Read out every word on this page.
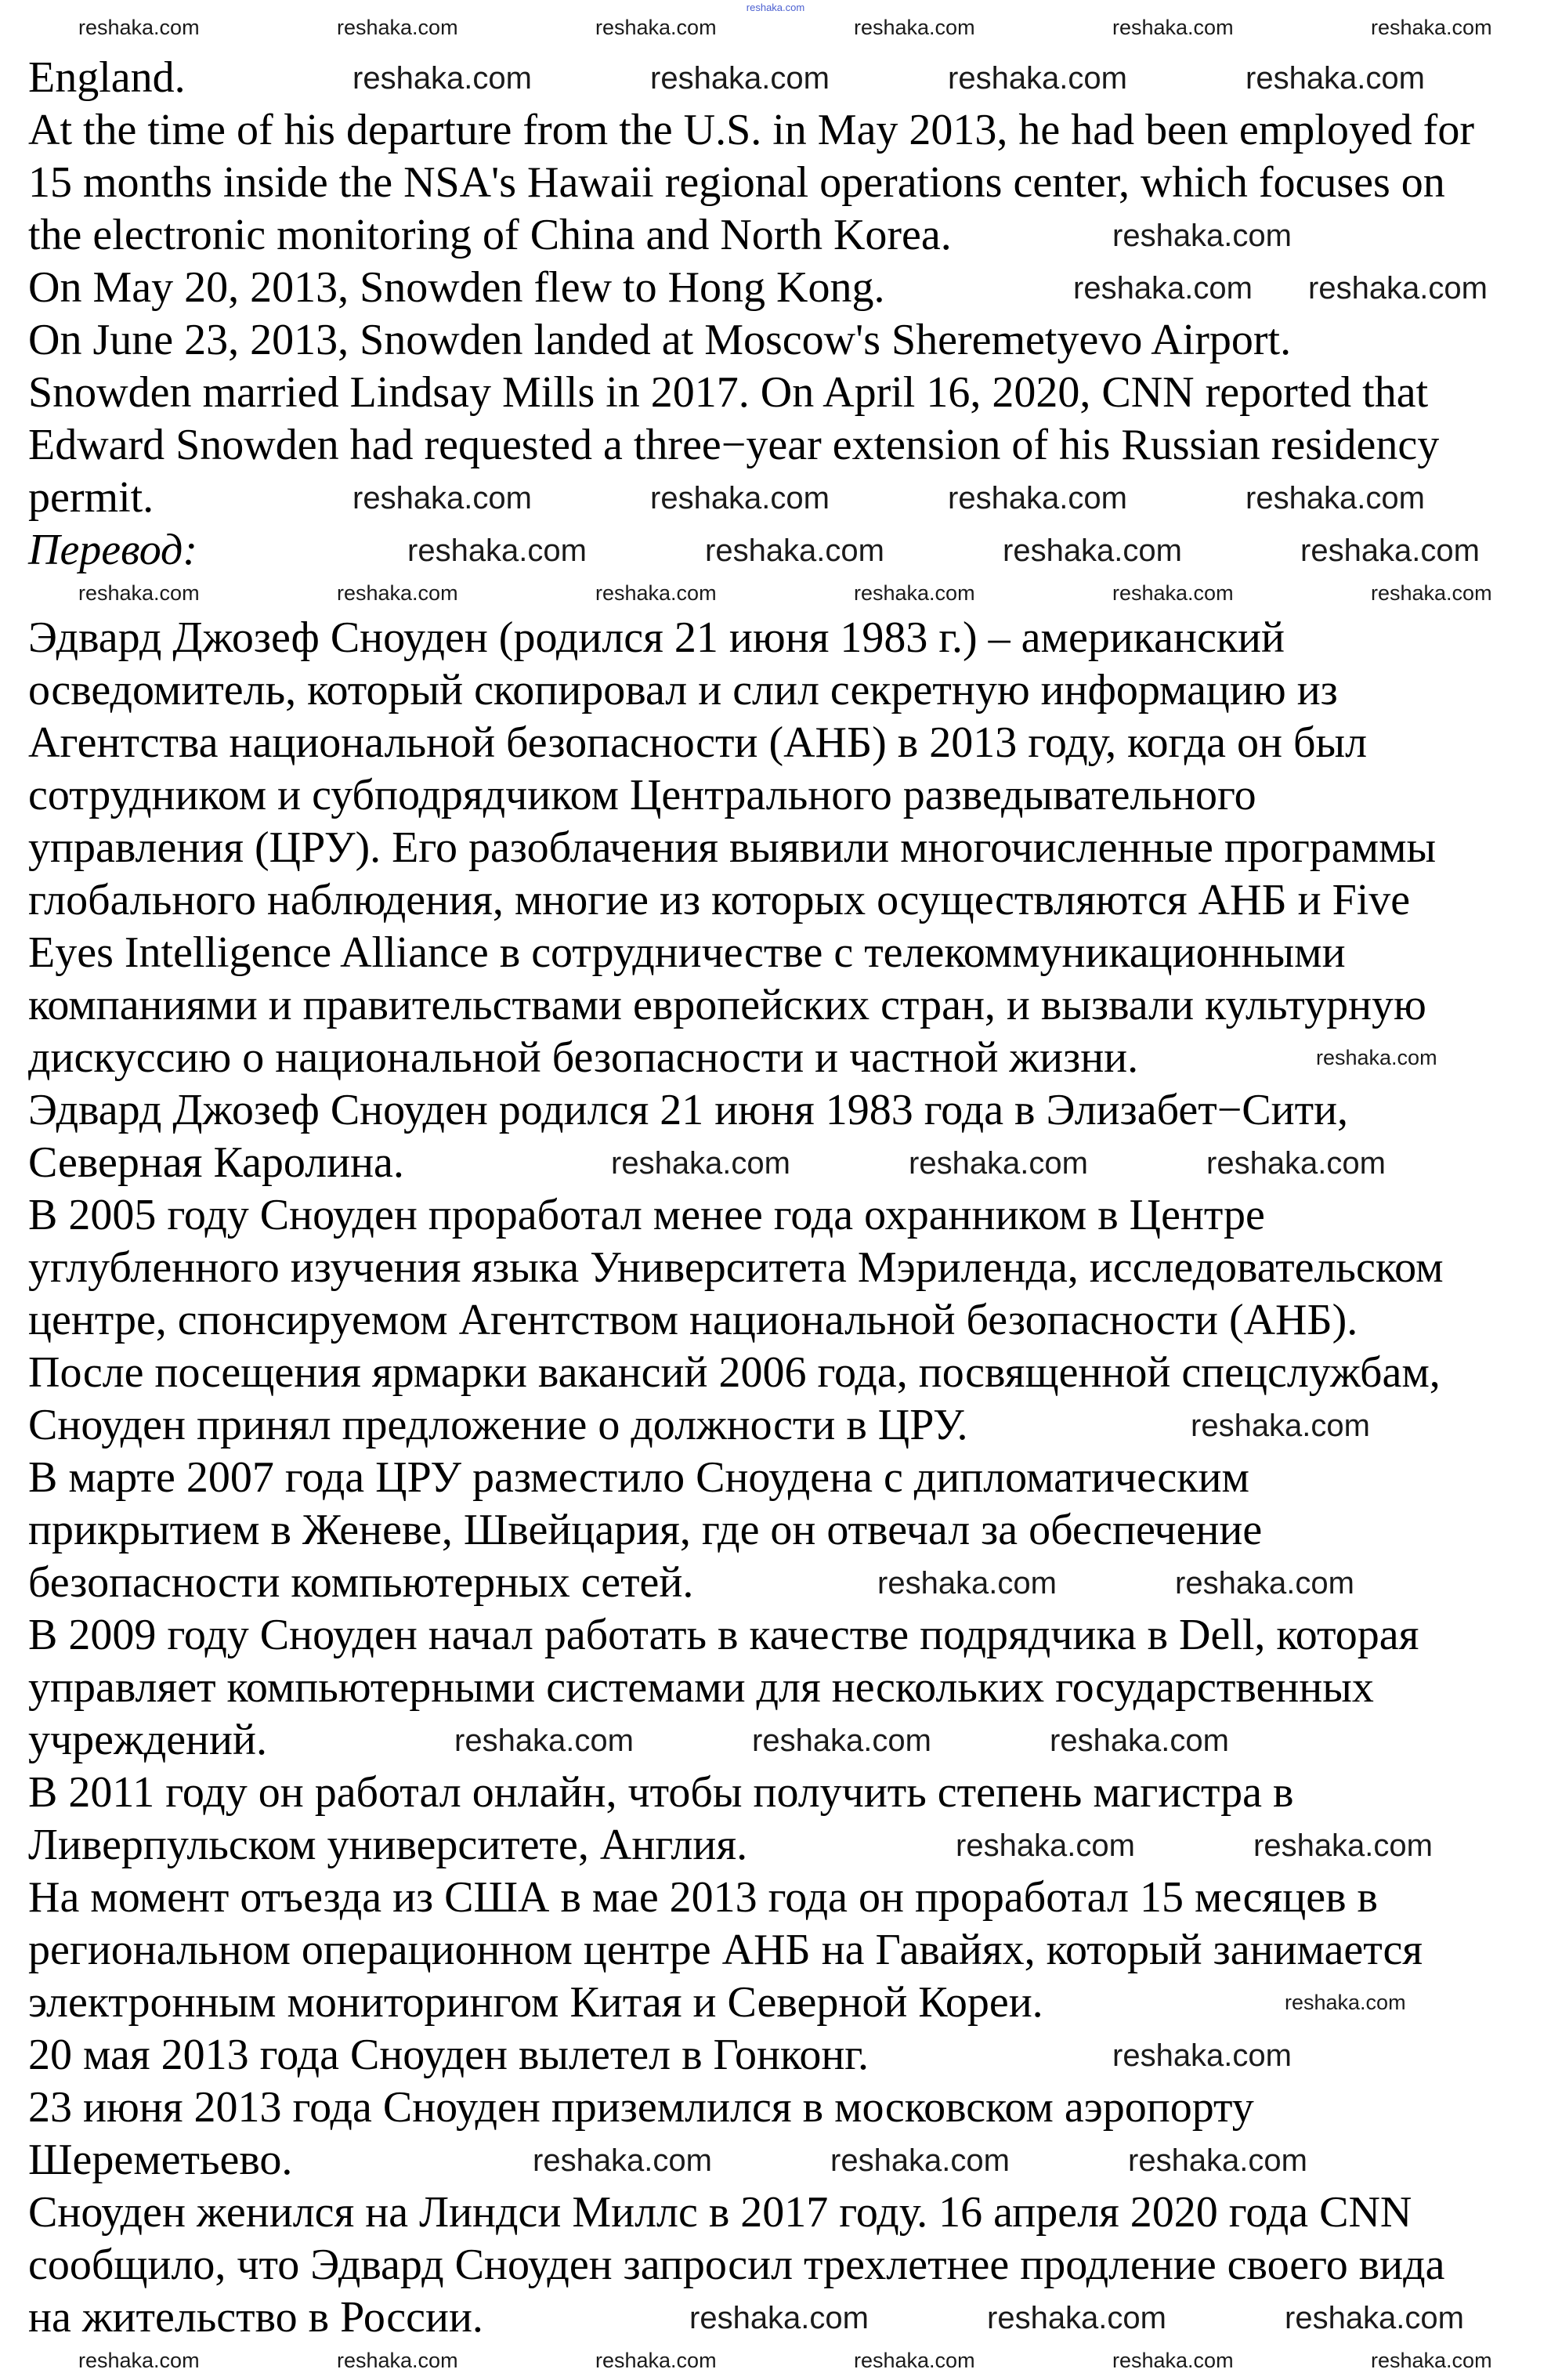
reshaka.com
England.
At the time of his departure from the U.S. in May 2013, he had been employed for
15 months inside the NSA's Hawaii regional operations center, which focuses on
the electronic monitoring of China and North Korea.
On May 20, 2013, Snowden flew to Hong Kong.
On June 23, 2013, Snowden landed at Moscow's Sheremetyevo Airport.
Snowden married Lindsay Mills in 2017. On April 16, 2020, CNN reported that
Edward Snowden had requested a three−year extension of his Russian residency
permit.
Перевод:
Эдвард Джозеф Сноуден (родился 21 июня 1983 г.) – американский
осведомитель, который скопировал и слил секретную информацию из
Агентства национальной безопасности (АНБ) в 2013 году, когда он был
сотрудником и субподрядчиком Центрального разведывательного
управления (ЦРУ). Его разоблачения выявили многочисленные программы
глобального наблюдения, многие из которых осуществляются АНБ и Five
Eyes Intelligence Alliance в сотрудничестве с телекоммуникационными
компаниями и правительствами европейских стран, и вызвали культурную
дискуссию о национальной безопасности и частной жизни.
Эдвард Джозеф Сноуден родился 21 июня 1983 года в Элизабет−Сити,
Северная Каролина.
В 2005 году Сноуден проработал менее года охранником в Центре
углубленного изучения языка Университета Мэриленда, исследовательском
центре, спонсируемом Агентством национальной безопасности (АНБ).
После посещения ярмарки вакансий 2006 года, посвященной спецслужбам,
Сноуден принял предложение о должности в ЦРУ.
В марте 2007 года ЦРУ разместило Сноудена с дипломатическим
прикрытием в Женеве, Швейцария, где он отвечал за обеспечение
безопасности компьютерных сетей.
В 2009 году Сноуден начал работать в качестве подрядчика в Dell, которая
управляет компьютерными системами для нескольких государственных
учреждений.
В 2011 году он работал онлайн, чтобы получить степень магистра в
Ливерпульском университете, Англия.
На момент отъезда из США в мае 2013 года он проработал 15 месяцев в
региональном операционном центре АНБ на Гавайях, который занимается
электронным мониторингом Китая и Северной Кореи.
20 мая 2013 года Сноуден вылетел в Гонконг.
23 июня 2013 года Сноуден приземлился в московском аэропорту
Шереметьево.
Сноуден женился на Линдси Миллс в 2017 году. 16 апреля 2020 года CNN
сообщило, что Эдвард Сноуден запросил трехлетнее продление своего вида
на жительство в России.
reshaka.com	reshaka.com	reshaka.com	reshaka.com	reshaka.com	reshaka.com
reshaka.com	reshaka.com	reshaka.com	reshaka.com
reshaka.com
reshaka.com reshaka.com
reshaka.com	reshaka.com	reshaka.com	reshaka.com
reshaka.com	reshaka.com	reshaka.com	reshaka.com
reshaka.com	reshaka.com	reshaka.com	reshaka.com	reshaka.com	reshaka.com
reshaka.com
reshaka.com	reshaka.com	reshaka.com
reshaka.com
reshaka.com	reshaka.com
reshaka.com	reshaka.com	reshaka.com
reshaka.com	reshaka.com
reshaka.com
reshaka.com
reshaka.com	reshaka.com	reshaka.com
reshaka.com	reshaka.com	reshaka.com
reshaka.com	reshaka.com	reshaka.com	reshaka.com	reshaka.com	reshaka.com
